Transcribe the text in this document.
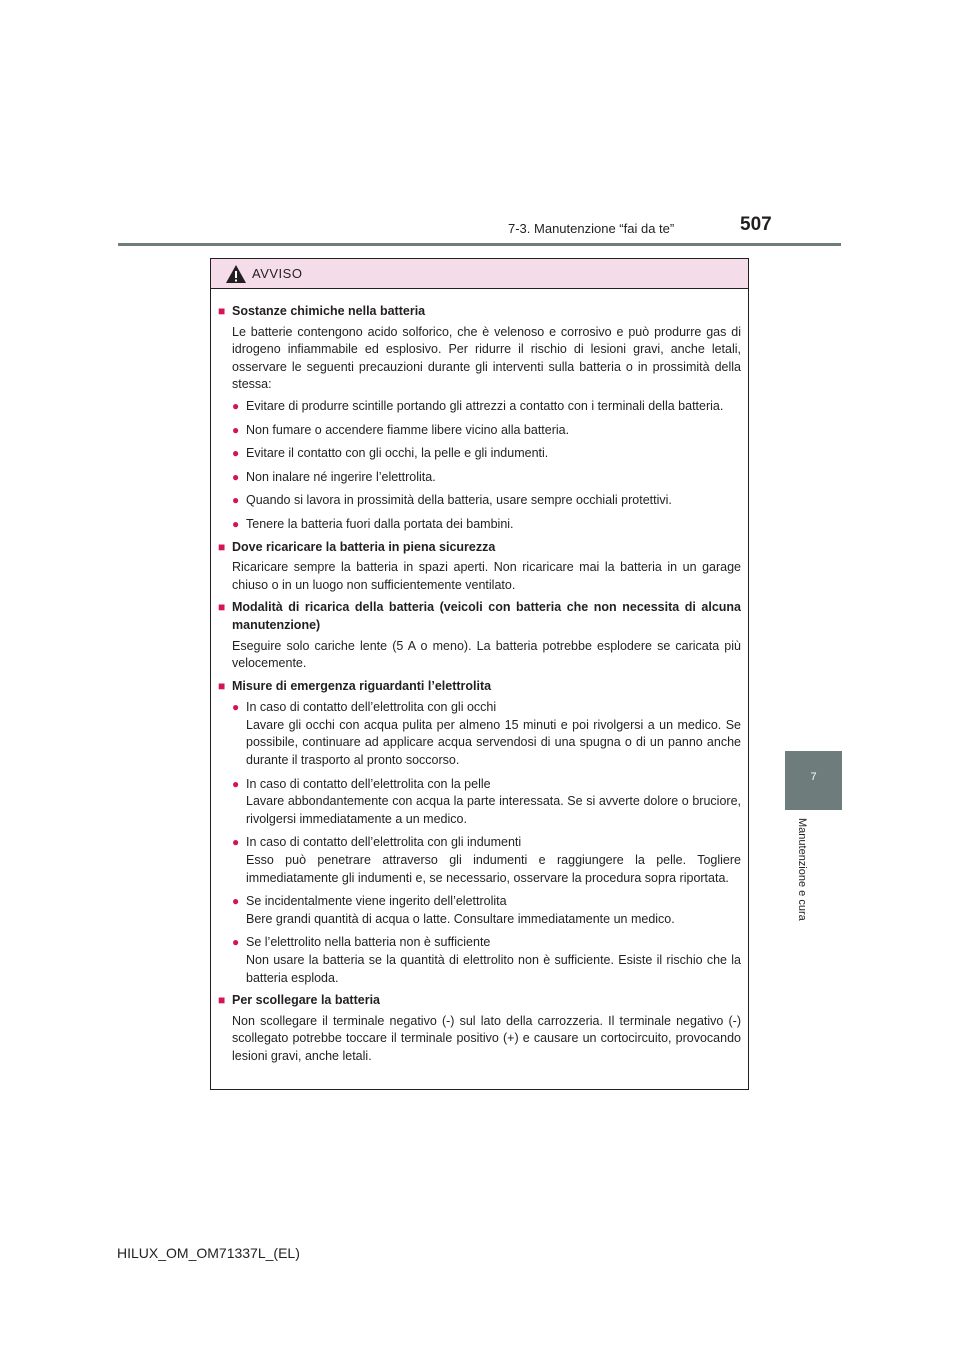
7-3. Manutenzione “fai da te”	507
7
Manutenzione e cura
AVVISO
■ Sostanze chimiche nella batteria
Le batterie contengono acido solforico, che è velenoso e corrosivo e può produrre gas di idrogeno infiammabile ed esplosivo. Per ridurre il rischio di lesioni gravi, anche letali, osservare le seguenti precauzioni durante gli interventi sulla batteria o in prossimità della stessa:
● Evitare di produrre scintille portando gli attrezzi a contatto con i terminali della batteria.
● Non fumare o accendere fiamme libere vicino alla batteria.
● Evitare il contatto con gli occhi, la pelle e gli indumenti.
● Non inalare né ingerire l’elettrolita.
● Quando si lavora in prossimità della batteria, usare sempre occhiali protettivi.
● Tenere la batteria fuori dalla portata dei bambini.
■ Dove ricaricare la batteria in piena sicurezza
Ricaricare sempre la batteria in spazi aperti. Non ricaricare mai la batteria in un garage chiuso o in un luogo non sufficientemente ventilato.
■ Modalità di ricarica della batteria (veicoli con batteria che non necessita di alcuna manutenzione)
Eseguire solo cariche lente (5 A o meno). La batteria potrebbe esplodere se caricata più velocemente.
■ Misure di emergenza riguardanti l’elettrolita
● In caso di contatto dell’elettrolita con gli occhi
Lavare gli occhi con acqua pulita per almeno 15 minuti e poi rivolgersi a un medico. Se possibile, continuare ad applicare acqua servendosi di una spugna o di un panno anche durante il trasporto al pronto soccorso.
● In caso di contatto dell’elettrolita con la pelle
Lavare abbondantemente con acqua la parte interessata. Se si avverte dolore o bruciore, rivolgersi immediatamente a un medico.
● In caso di contatto dell’elettrolita con gli indumenti
Esso può penetrare attraverso gli indumenti e raggiungere la pelle. Togliere immediatamente gli indumenti e, se necessario, osservare la procedura sopra riportata.
● Se incidentalmente viene ingerito dell’elettrolita
Bere grandi quantità di acqua o latte. Consultare immediatamente un medico.
● Se l’elettrolito nella batteria non è sufficiente
Non usare la batteria se la quantità di elettrolito non è sufficiente. Esiste il rischio che la batteria esploda.
■ Per scollegare la batteria
Non scollegare il terminale negativo (-) sul lato della carrozzeria. Il terminale negativo (-) scollegato potrebbe toccare il terminale positivo (+) e causare un cortocircuito, provocando lesioni gravi, anche letali.
HILUX_OM_OM71337L_(EL)
